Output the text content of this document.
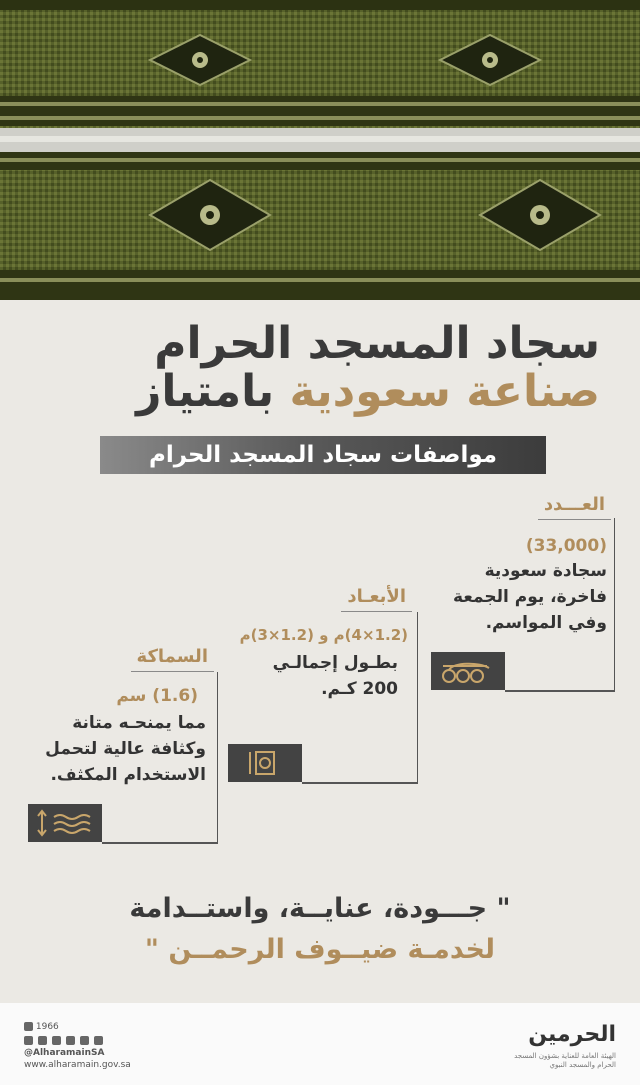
سجاد المسجد الحرام
صناعة سعودية بامتياز
مواصفات سجاد المسجد الحرام
العـــدد
(33,000)
سجادة سعودية فاخرة، يوم الجمعة وفي المواسم.
الأبعـاد
(1.2×4)م و (1.2×3)م
بطـول إجمالـي 200 كـم.
السماكة
(1.6) سم
مما يمنحـه متانة وكثافة عالية لتحمل الاستخدام المكثف.
" جـــودة، عنايــة، واستــدامة
لخدمـة ضيــوف الرحمــن "
1966
@AlharamainSA
www.alharamain.gov.sa
الحرمين
الهيئة العامة للعناية بشؤون المسجد الحرام والمسجد النبوي
